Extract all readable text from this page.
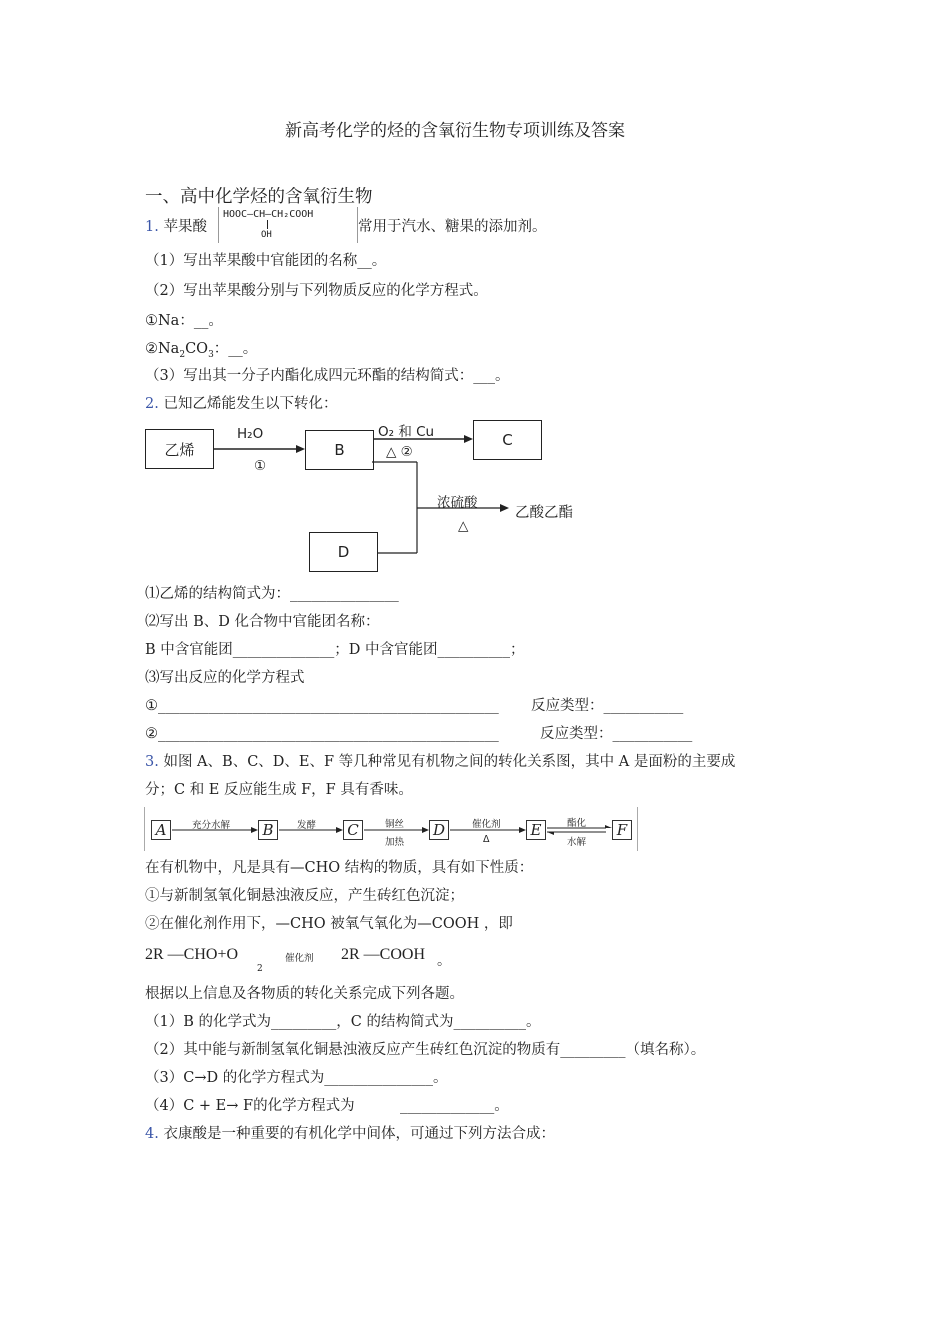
新高考化学的烃的含氧衍生物专项训练及答案
一、高中化学烃的含氧衍生物
1. 苹果酸
HOOC—CH—CH₂COOH
OH	常用于汽水、糖果的添加剂。
（1）写出苹果酸中官能团的名称__。
（2）写出苹果酸分别与下列物质反应的化学方程式。
①Na：__。
$②Na_2CO_3$：__。
（3）写出其一分子内酯化成四元环酯的结构简式：___。
2. 已知乙烯能发生以下转化：
乙烯	B
C
D
H₂O
①
O₂ 和 Cu
△ ②
浓硫酸
△
乙酸乙酯
⑴乙烯的结构简式为：_______________
⑵写出 B、D 化合物中官能团名称：
B 中含官能团______________；D 中含官能团__________；
⑶写出反应的化学方程式
①_______________________________________________ 反应类型：___________
②_______________________________________________	反应类型：___________
3. 如图 A、B、C、D、E、F 等几种常见有机物之间的转化关系图，其中 A 是面粉的主要成
分；C 和 E 反应能生成 F，F 具有香味。
A	B	C	D	E	F
充分水解	发酵	铜丝
加热
催化剂
Δ
酯化
水解
在有机物中，凡是具有—CHO 结构的物质，具有如下性质：
①与新制氢氧化铜悬浊液反应，产生砖红色沉淀；
②在催化剂作用下，—CHO 被氧气氧化为—COOH ，即
2R —CHO+O
2
催化剂 2R —COOH 。
根据以上信息及各物质的转化关系完成下列各题。
（1）B 的化学式为_________，C 的结构简式为__________。
（2）其中能与新制氢氧化铜悬浊液反应产生砖红色沉淀的物质有_________（填名称）。
（3）C→D 的化学方程式为_______________。
（4）C + E→ F的化学方程式为	_____________。
4. 衣康酸是一种重要的有机化学中间体，可通过下列方法合成：
